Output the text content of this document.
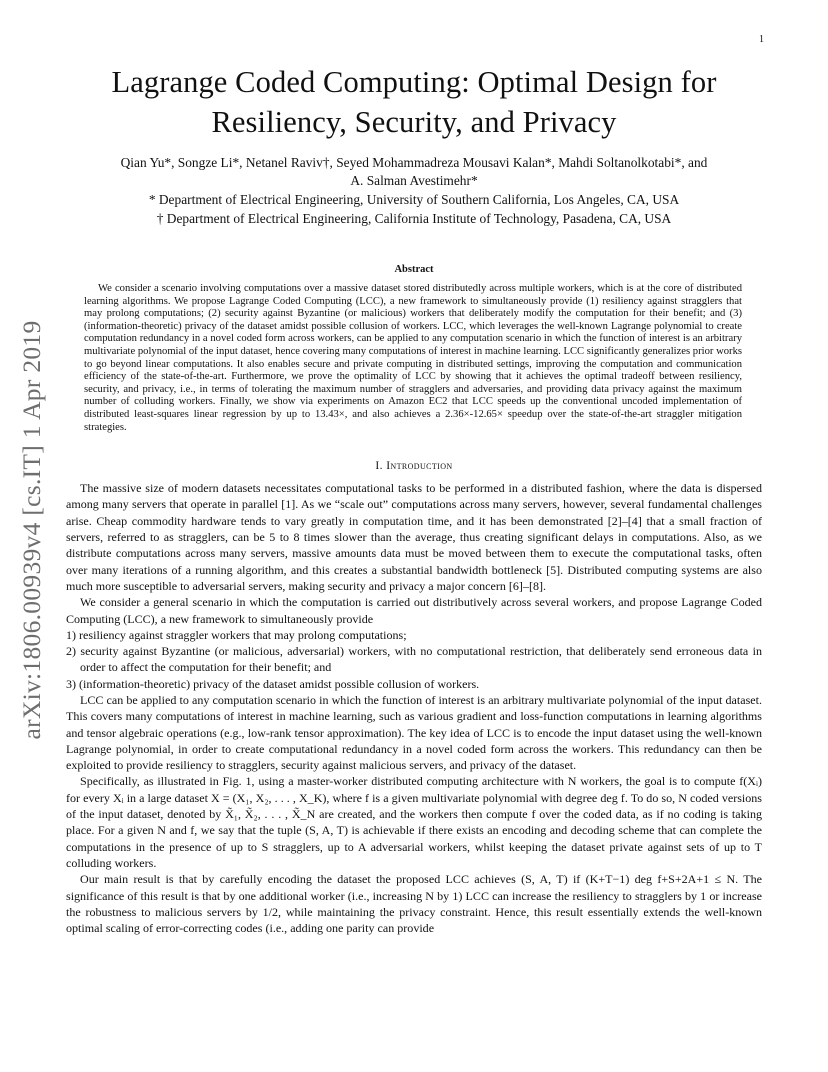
1
arXiv:1806.00939v4 [cs.IT] 1 Apr 2019
Lagrange Coded Computing: Optimal Design for
Resiliency, Security, and Privacy
Qian Yu*, Songze Li*, Netanel Raviv†, Seyed Mohammadreza Mousavi Kalan*, Mahdi Soltanolkotabi*, and
A. Salman Avestimehr*
* Department of Electrical Engineering, University of Southern California, Los Angeles, CA, USA
† Department of Electrical Engineering, California Institute of Technology, Pasadena, CA, USA
Abstract

We consider a scenario involving computations over a massive dataset stored distributedly across multiple workers, which is at the core of distributed learning algorithms. We propose Lagrange Coded Computing (LCC), a new framework to simultaneously provide (1) resiliency against stragglers that may prolong computations; (2) security against Byzantine (or malicious) workers that deliberately modify the computation for their benefit; and (3) (information-theoretic) privacy of the dataset amidst possible collusion of workers. LCC, which leverages the well-known Lagrange polynomial to create computation redundancy in a novel coded form across workers, can be applied to any computation scenario in which the function of interest is an arbitrary multivariate polynomial of the input dataset, hence covering many computations of interest in machine learning. LCC significantly generalizes prior works to go beyond linear computations. It also enables secure and private computing in distributed settings, improving the computation and communication efficiency of the state-of-the-art. Furthermore, we prove the optimality of LCC by showing that it achieves the optimal tradeoff between resiliency, security, and privacy, i.e., in terms of tolerating the maximum number of stragglers and adversaries, and providing data privacy against the maximum number of colluding workers. Finally, we show via experiments on Amazon EC2 that LCC speeds up the conventional uncoded implementation of distributed least-squares linear regression by up to 13.43×, and also achieves a 2.36×-12.65× speedup over the state-of-the-art straggler mitigation strategies.

I. Introduction

The massive size of modern datasets necessitates computational tasks to be performed in a distributed fashion, where the data is dispersed among many servers that operate in parallel [1]. As we “scale out” computations across many servers, however, several fundamental challenges arise. Cheap commodity hardware tends to vary greatly in computation time, and it has been demonstrated [2]–[4] that a small fraction of servers, referred to as stragglers, can be 5 to 8 times slower than the average, thus creating significant delays in computations. Also, as we distribute computations across many servers, massive amounts data must be moved between them to execute the computational tasks, often over many iterations of a running algorithm, and this creates a substantial bandwidth bottleneck [5]. Distributed computing systems are also much more susceptible to adversarial servers, making security and privacy a major concern [6]–[8].

We consider a general scenario in which the computation is carried out distributively across several workers, and propose Lagrange Coded Computing (LCC), a new framework to simultaneously provide

1) resiliency against straggler workers that may prolong computations;
2) security against Byzantine (or malicious, adversarial) workers, with no computational restriction, that deliberately send erroneous data in order to affect the computation for their benefit; and
3) (information-theoretic) privacy of the dataset amidst possible collusion of workers.

LCC can be applied to any computation scenario in which the function of interest is an arbitrary multivariate polynomial of the input dataset. This covers many computations of interest in machine learning, such as various gradient and loss-function computations in learning algorithms and tensor algebraic operations (e.g., low-rank tensor approximation). The key idea of LCC is to encode the input dataset using the well-known Lagrange polynomial, in order to create computational redundancy in a novel coded form across the workers. This redundancy can then be exploited to provide resiliency to stragglers, security against malicious servers, and privacy of the dataset.

Specifically, as illustrated in Fig. 1, using a master-worker distributed computing architecture with N workers, the goal is to compute f(Xᵢ) for every Xᵢ in a large dataset X = (X₁, X₂, . . . , X_K), where f is a given multivariate polynomial with degree deg f. To do so, N coded versions of the input dataset, denoted by X̃₁, X̃₂, . . . , X̃_N are created, and the workers then compute f over the coded data, as if no coding is taking place. For a given N and f, we say that the tuple (S, A, T) is achievable if there exists an encoding and decoding scheme that can complete the computations in the presence of up to S stragglers, up to A adversarial workers, whilst keeping the dataset private against sets of up to T colluding workers.

Our main result is that by carefully encoding the dataset the proposed LCC achieves (S, A, T) if (K+T−1) deg f+S+2A+1 ≤ N. The significance of this result is that by one additional worker (i.e., increasing N by 1) LCC can increase the resiliency to stragglers by 1 or increase the robustness to malicious servers by 1/2, while maintaining the privacy constraint. Hence, this result essentially extends the well-known optimal scaling of error-correcting codes (i.e., adding one parity can provide
